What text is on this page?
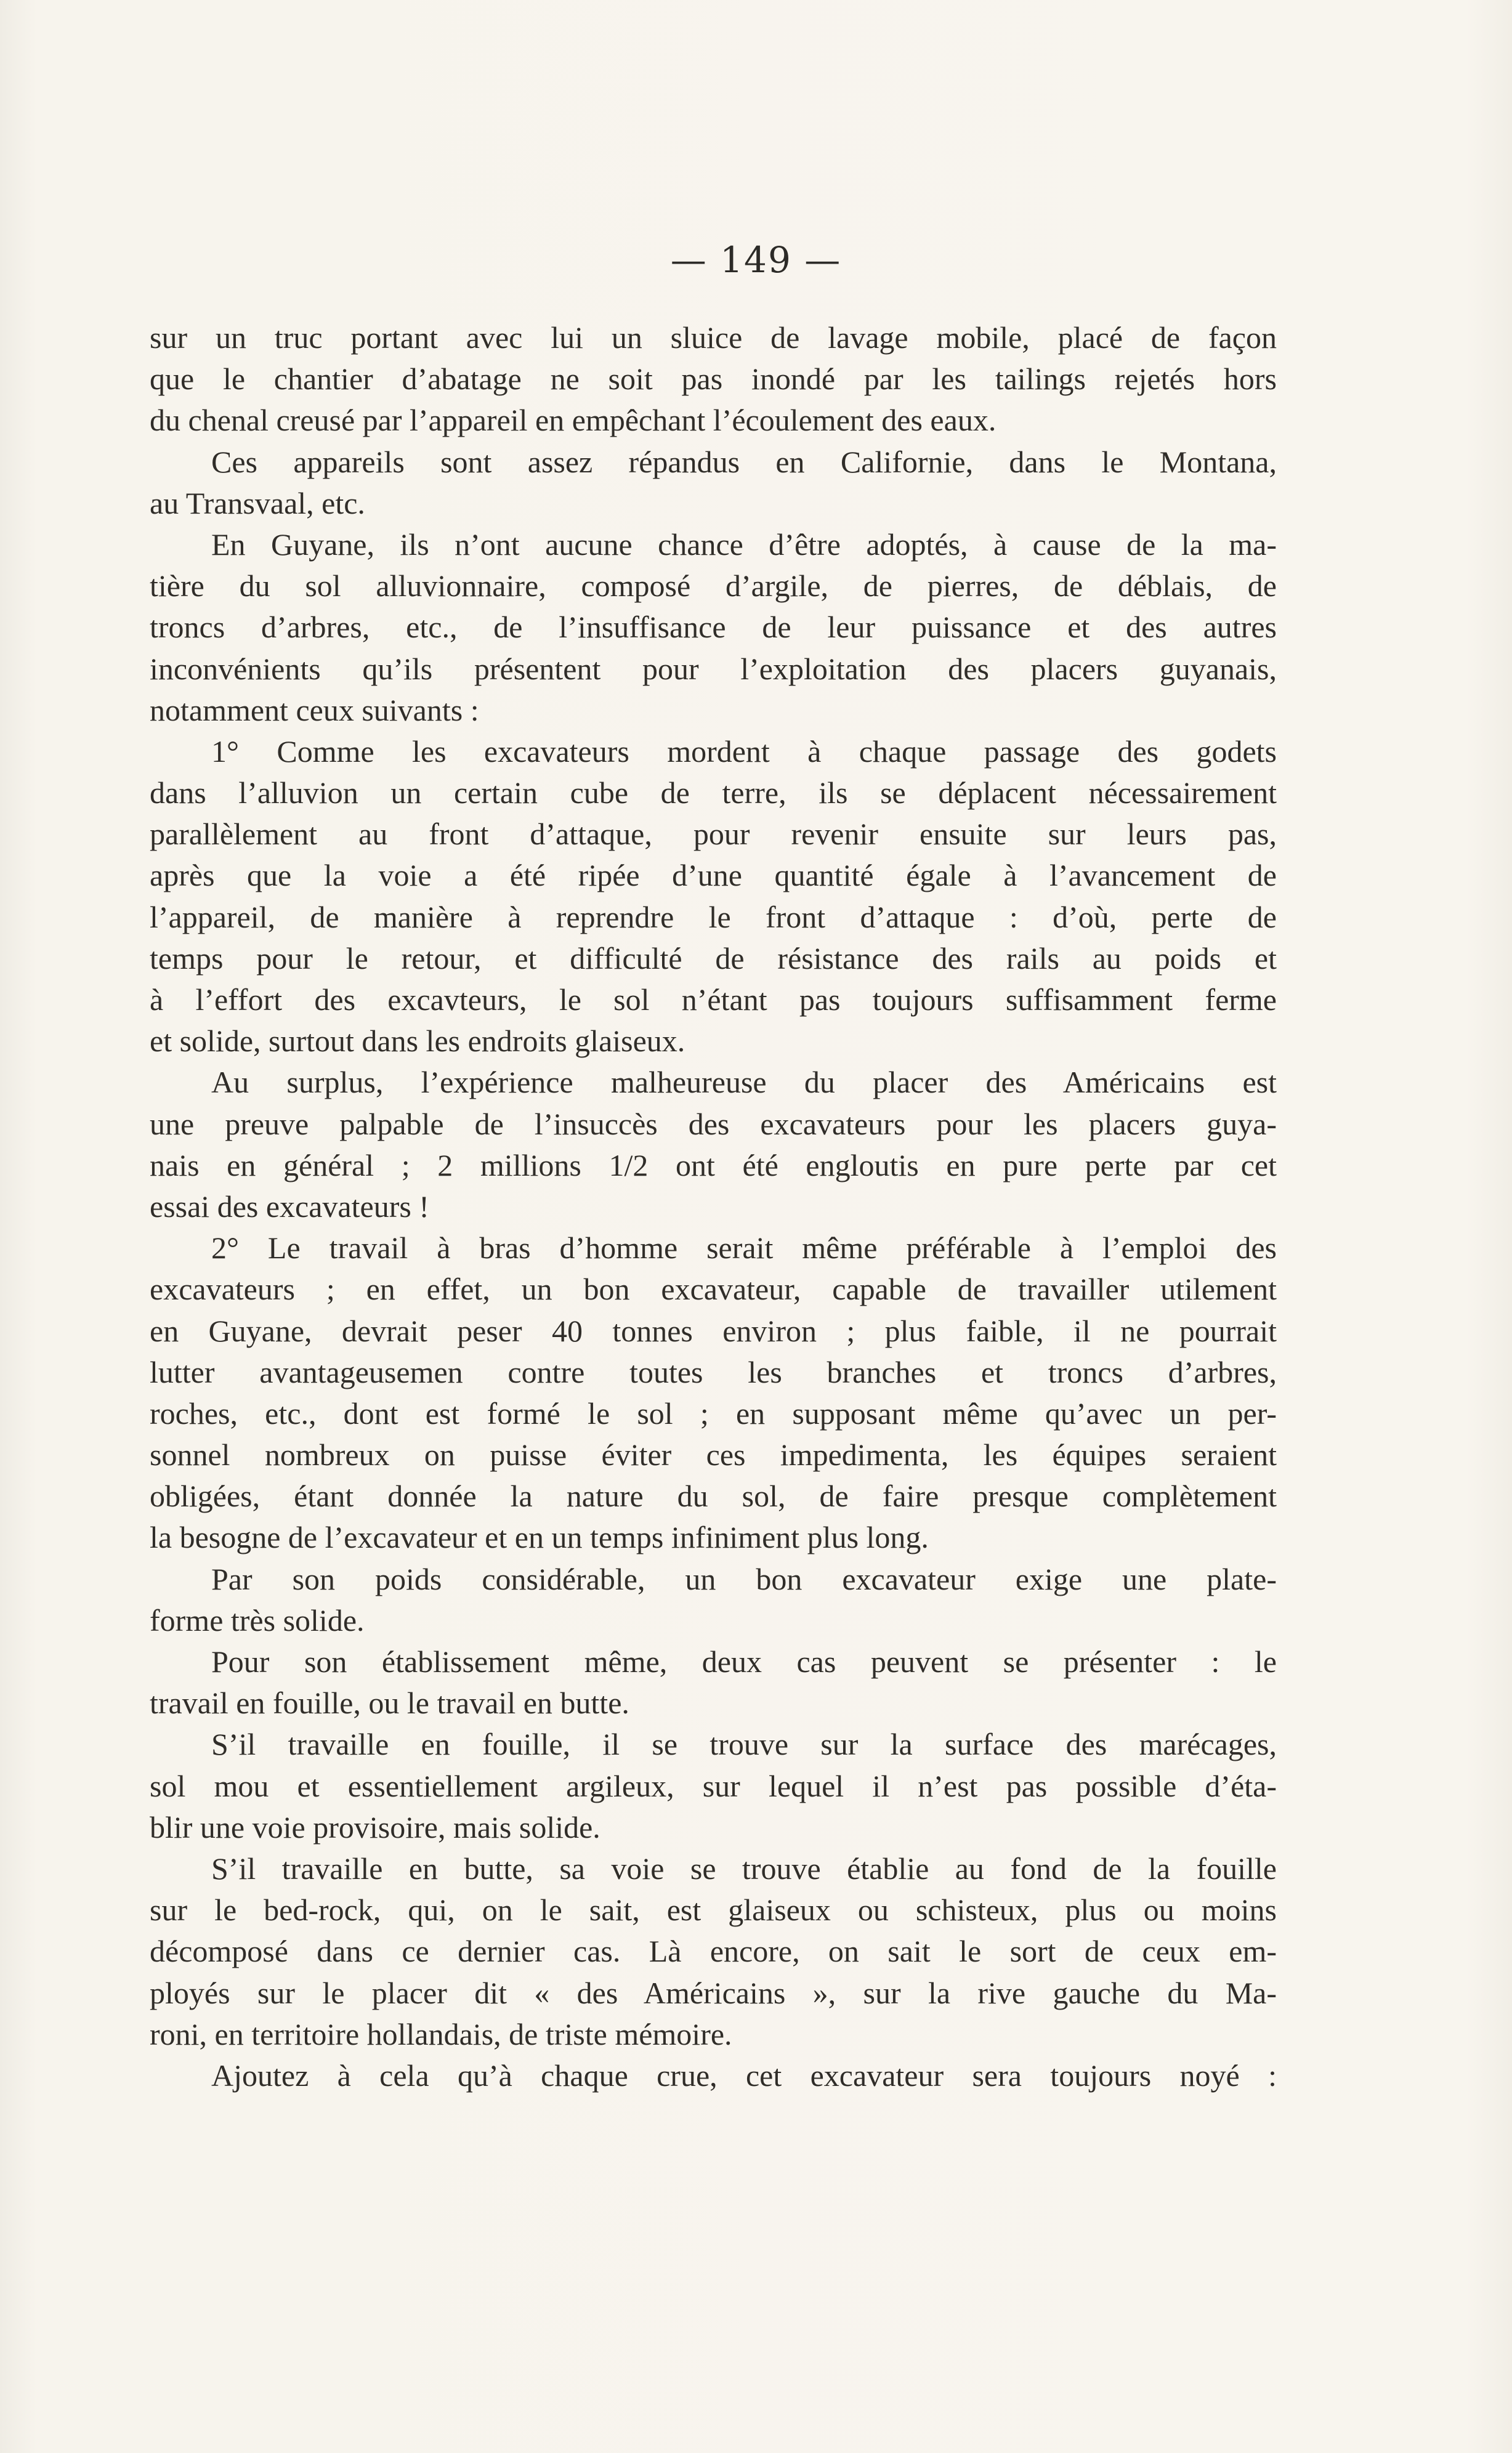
— 149 —
sur un truc portant avec lui un sluice de lavage mobile, placé de façon
que le chantier d’abatage ne soit pas inondé par les tailings rejetés hors
du chenal creusé par l’appareil en empêchant l’écoulement des eaux.
Ces appareils sont assez répandus en Californie, dans le Montana,
au Transvaal, etc.
En Guyane, ils n’ont aucune chance d’être adoptés, à cause de la ma-
tière du sol alluvionnaire, composé d’argile, de pierres, de déblais, de
troncs d’arbres, etc., de l’insuffisance de leur puissance et des autres
inconvénients qu’ils présentent pour l’exploitation des placers guyanais,
notamment ceux suivants :
1° Comme les excavateurs mordent à chaque passage des godets
dans l’alluvion un certain cube de terre, ils se déplacent nécessairement
parallèlement au front d’attaque, pour revenir ensuite sur leurs pas,
après que la voie a été ripée d’une quantité égale à l’avancement de
l’appareil, de manière à reprendre le front d’attaque : d’où, perte de
temps pour le retour, et difficulté de résistance des rails au poids et
à l’effort des excavteurs, le sol n’étant pas toujours suffisamment ferme
et solide, surtout dans les endroits glaiseux.
Au surplus, l’expérience malheureuse du placer des Américains est
une preuve palpable de l’insuccès des excavateurs pour les placers guya-
nais en général ; 2 millions 1/2 ont été engloutis en pure perte par cet
essai des excavateurs !
2° Le travail à bras d’homme serait même préférable à l’emploi des
excavateurs ; en effet, un bon excavateur, capable de travailler utilement
en Guyane, devrait peser 40 tonnes environ ; plus faible, il ne pourrait
lutter avantageusemen contre toutes les branches et troncs d’arbres,
roches, etc., dont est formé le sol ; en supposant même qu’avec un per-
sonnel nombreux on puisse éviter ces impedimenta, les équipes seraient
obligées, étant donnée la nature du sol, de faire presque complètement
la besogne de l’excavateur et en un temps infiniment plus long.
Par son poids considérable, un bon excavateur exige une plate-
forme très solide.
Pour son établissement même, deux cas peuvent se présenter : le
travail en fouille, ou le travail en butte.
S’il travaille en fouille, il se trouve sur la surface des marécages,
sol mou et essentiellement argileux, sur lequel il n’est pas possible d’éta-
blir une voie provisoire, mais solide.
S’il travaille en butte, sa voie se trouve établie au fond de la fouille
sur le bed-rock, qui, on le sait, est glaiseux ou schisteux, plus ou moins
décomposé dans ce dernier cas. Là encore, on sait le sort de ceux em-
ployés sur le placer dit « des Américains », sur la rive gauche du Ma-
roni, en territoire hollandais, de triste mémoire.
Ajoutez à cela qu’à chaque crue, cet excavateur sera toujours noyé :
